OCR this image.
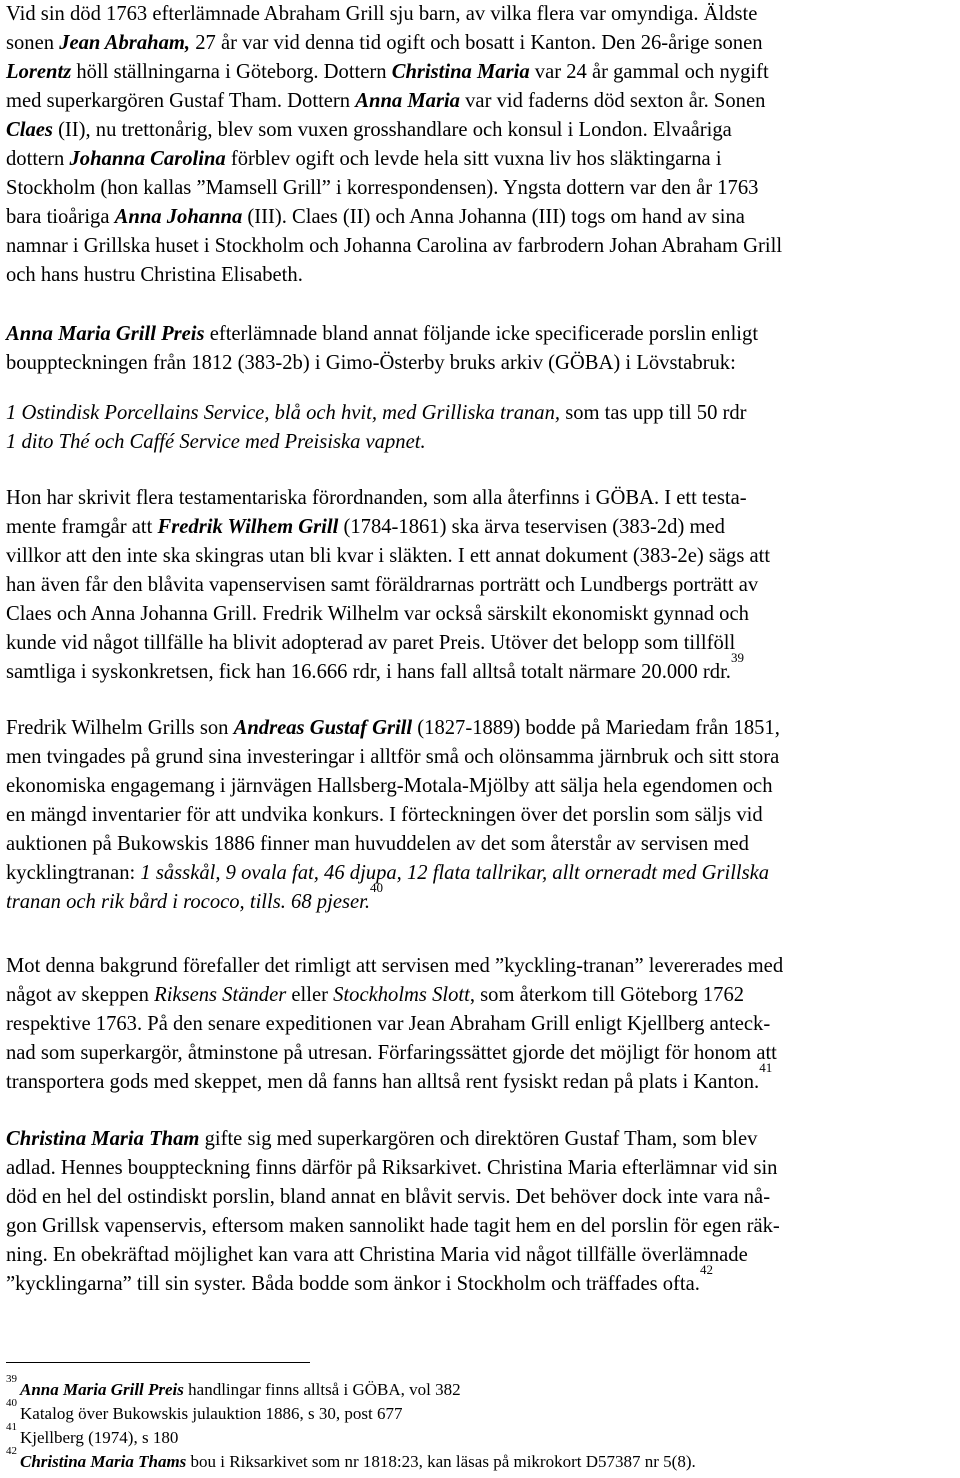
Vid sin död 1763 efterlämnade Abraham Grill sju barn, av vilka flera var omyndiga. Äldste
sonen Jean Abraham, 27 år var vid denna tid ogift och bosatt i Kanton. Den 26-årige sonen
Lorentz höll ställningarna i Göteborg. Dottern Christina Maria var 24 år gammal och nygift
med superkargören Gustaf Tham. Dottern Anna Maria var vid faderns död sexton år. Sonen
Claes (II), nu trettonårig, blev som vuxen grosshandlare och konsul i London. Elvaåriga
dottern Johanna Carolina förblev ogift och levde hela sitt vuxna liv hos släktingarna i
Stockholm (hon kallas ”Mamsell Grill” i korrespondensen). Yngsta dottern var den år 1763
bara tioåriga Anna Johanna (III). Claes (II) och Anna Johanna (III) togs om hand av sina
namnar i Grillska huset i Stockholm och Johanna Carolina av farbrodern Johan Abraham Grill
och hans hustru Christina Elisabeth.
Anna Maria Grill Preis efterlämnade bland annat följande icke specificerade porslin enligt
bouppteckningen från 1812 (383-2b) i Gimo-Österby bruks arkiv (GÖBA) i Lövstabruk:
1 Ostindisk Porcellains Service, blå och hvit, med Grilliska tranan, som tas upp till 50 rdr
1 dito Thé och Caffé Service med Preisiska vapnet.
Hon har skrivit flera testamentariska förordnanden, som alla återfinns i GÖBA. I ett testa-
mente framgår att Fredrik Wilhem Grill (1784-1861) ska ärva teservisen (383-2d) med
villkor att den inte ska skingras utan bli kvar i släkten. I ett annat dokument (383-2e) sägs att
han även får den blåvita vapenservisen samt föräldrarnas porträtt och Lundbergs porträtt av
Claes och Anna Johanna Grill. Fredrik Wilhelm var också särskilt ekonomiskt gynnad och
kunde vid något tillfälle ha blivit adopterad av paret Preis. Utöver det belopp som tillföll
samtliga i syskonkretsen, fick han 16.666 rdr, i hans fall alltså totalt närmare 20.000 rdr.$^{39}$
Fredrik Wilhelm Grills son Andreas Gustaf Grill (1827-1889) bodde på Mariedam från 1851,
men tvingades på grund sina investeringar i alltför små och olönsamma järnbruk och sitt stora
ekonomiska engagemang i järnvägen Hallsberg-Motala-Mjölby att sälja hela egendomen och
en mängd inventarier för att undvika konkurs. I förteckningen över det porslin som säljs vid
auktionen på Bukowskis 1886 finner man huvuddelen av det som återstår av servisen med
kycklingtranan: 1 såsskål, 9 ovala fat, 46 djupa, 12 flata tallrikar, allt orneradt med Grillska
tranan och rik bård i rococo, tills. 68 pjeser.$^{40}$
Mot denna bakgrund förefaller det rimligt att servisen med ”kyckling-tranan” levererades med
något av skeppen Riksens Ständer eller Stockholms Slott, som återkom till Göteborg 1762
respektive 1763. På den senare expeditionen var Jean Abraham Grill enligt Kjellberg anteck-
nad som superkargör, åtminstone på utresan. Förfaringssättet gjorde det möjligt för honom att
transportera gods med skeppet, men då fanns han alltså rent fysiskt redan på plats i Kanton.$^{41}$
Christina Maria Tham gifte sig med superkargören och direktören Gustaf Tham, som blev
adlad. Hennes bouppteckning finns därför på Riksarkivet. Christina Maria efterlämnar vid sin
död en hel del ostindiskt porslin, bland annat en blåvit servis. Det behöver dock inte vara nå-
gon Grillsk vapenservis, eftersom maken sannolikt hade tagit hem en del porslin för egen räk-
ning. En obekräftad möjlighet kan vara att Christina Maria vid något tillfälle överlämnade
”kycklingarna” till sin syster. Båda bodde som änkor i Stockholm och träffades ofta.$^{42}$
$^{39}$Anna Maria Grill Preis handlingar finns alltså i GÖBA, vol 382
$^{40}$Katalog över Bukowskis julauktion 1886, s 30, post 677
$^{41}$Kjellberg (1974), s 180
$^{42}$Christina Maria Thams bou i Riksarkivet som nr 1818:23, kan läsas på mikrokort D57387 nr 5(8).
